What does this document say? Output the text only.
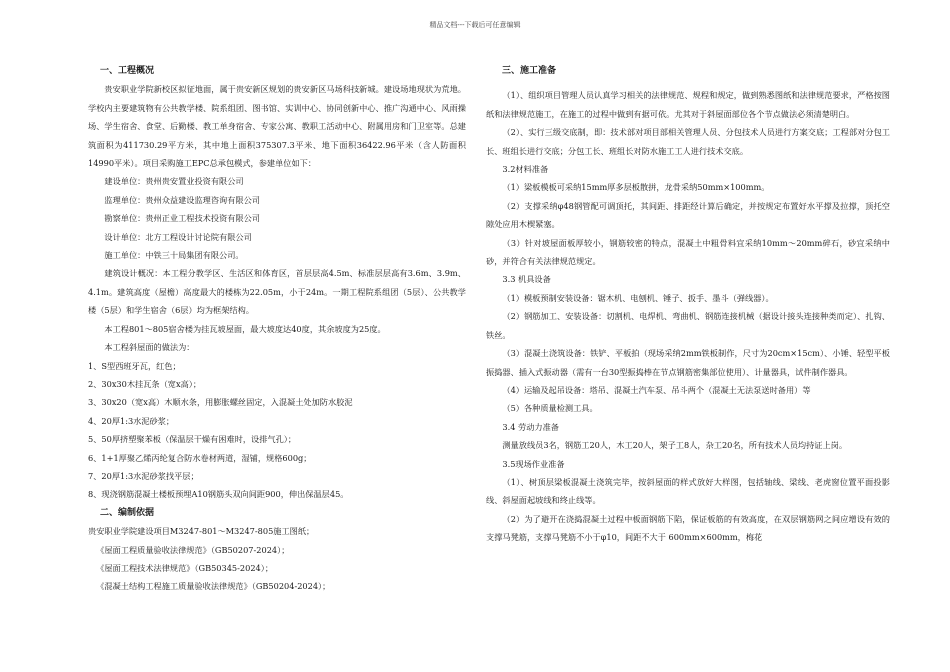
精品文档---下载后可任意编辑

一、工程概况

贵安职业学院新校区拟征地面，属于贵安新区规划的贵安新区马场科技新城。建设场地现状为荒地。学校内主要建筑物有公共教学楼、院系组团、图书馆、实训中心、协同创新中心、推广沟通中心、风雨操场、学生宿舍、食堂、后勤楼、教工单身宿舍、专家公寓、教职工活动中心、附属用房和门卫室等。总建筑面积为411730.29平方米，其中地上面积375307.3平米、地下面积36422.96平米（含人防面积14990平米）。项目采购施工EPC总承包模式，参建单位如下：

建设单位：贵州贵安置业投资有限公司

监理单位：贵州众益建设监理咨询有限公司

勘察单位：贵州正业工程技术投资有限公司

设计单位：北方工程设计讨论院有限公司

施工单位：中铁三十局集团有限公司。

建筑设计概况：本工程分教学区、生活区和体育区，首层层高4.5m、标准层层高有3.6m、3.9m、4.1m。建筑高度（屋檐）高度最大的楼栋为22.05m，小于24m。一期工程院系组团（5层）、公共教学楼（5层）和学生宿舍（6层）均为框架结构。

本工程801～805宿舍楼为挂瓦坡屋面，最大坡度达40度，其余坡度为25度。

本工程斜屋面的做法为：

1、S型西班牙瓦，红色；

2、30x30木挂瓦条（宽x高）；

3、30x20（宽x高）木顺水条，用膨胀螺丝固定，入混凝土处加防水胶泥

4、20厚1:3水泥砂浆；

5、50厚挤塑聚苯板（保温层干燥有困难时，设排气孔）；

6、1+1厚聚乙烯丙纶复合防水卷材两道，湿铺，规格600g；

7、20厚1:3水泥砂浆找平层；

8、现浇钢筋混凝土楼板预埋A10钢筋头双向间距900，伸出保温层45。

二、编制依据

贵安职业学院建设项目M3247-801～M3247-805施工图纸；

《屋面工程质量验收法律规范》（GB50207-2024）；

《屋面工程技术法律规范》（GB50345-2024）；

《混凝土结构工程施工质量验收法律规范》（GB50204-2024）；

三、施工准备

（1）、组织项目管理人员认真学习相关的法律规范、规程和规定，做到熟悉图纸和法律规范要求，严格按图纸和法律规范施工，在施工的过程中做到有据可依。尤其对于斜屋面部位各个节点做法必须清楚明白。

（2）、实行三级交底制，即：技术部对项目部相关管理人员、分包技术人员进行方案交底；工程部对分包工长、班组长进行交底；分包工长、班组长对防水施工工人进行技术交底。

3.2材料准备

（1）梁板模板可采纳15mm厚多层板散拼，龙骨采纳50mm×100mm。

（2）支撑采纳φ48钢管配可调顶托，其间距、排距经计算后确定，并按规定布置好水平撑及拉撑，顶托空隙处应用木楔紧塞。

（3）针对坡屋面板厚较小，钢筋较密的特点，混凝土中粗骨料宜采纳10mm～20mm碎石，砂宜采纳中砂，并符合有关法律规范规定。

3.3 机具设备

（1）模板预制安装设备：锯木机、电刨机、锤子、扳手、墨斗（弹线器）。

（2）钢筋加工、安装设备：切割机、电焊机、弯曲机、钢筋连接机械（据设计接头连接种类而定）、扎钩、铁丝。

（3）混凝土浇筑设备：铁铲、平板拍（现场采纳2mm铁板制作，尺寸为20cm×15cm）、小锤、轻型平板振捣器、插入式振动器（需有一台30型振捣棒在节点钢筋密集部位使用）、计量器具，试件制作器具。

（4）运输及起吊设备：塔吊、混凝土汽车泵、吊斗两个（混凝土无法泵送时备用）等

（5）各种质量检测工具。

3.4 劳动力准备

测量放线员3名，钢筋工20人，木工20人，架子工8人，杂工20名，所有技术人员均持证上岗。

3.5现场作业准备

（1）、树顶层梁板混凝土浇筑完毕，按斜屋面的样式放好大样图，包括轴线、梁线、老虎窗位置平面投影线、斜屋面起坡线和终止线等。

（2）为了避开在浇捣混凝土过程中板面钢筋下陷，保证板筋的有效高度，在双层钢筋网之间应增设有效的支撑马凳筋，支撑马凳筋不小于φ10，间距不大于 600mm×600mm，梅花
